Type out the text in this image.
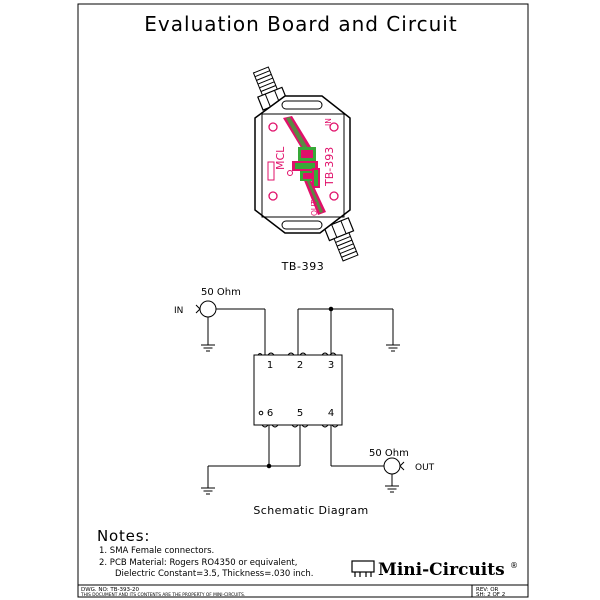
Evaluation Board and Circuit
MCL	TB-393
IN
OUT
TB-393
50 Ohm
IN
50 Ohm
OUT
1 2 3
6 5 4
Schematic Diagram
Notes:
1. SMA Female connectors.
2. PCB Material: Rogers RO4350 or equivalent,
Dielectric Constant=3.5, Thickness=.030 inch.	Mini-Circuits ®
DWG. NO: TB-393-20
THIS DOCUMENT AND ITS CONTENTS ARE THE PROPERTY OF MINI-CIRCUITS.
REV: OR
SH: 2 OF 2
